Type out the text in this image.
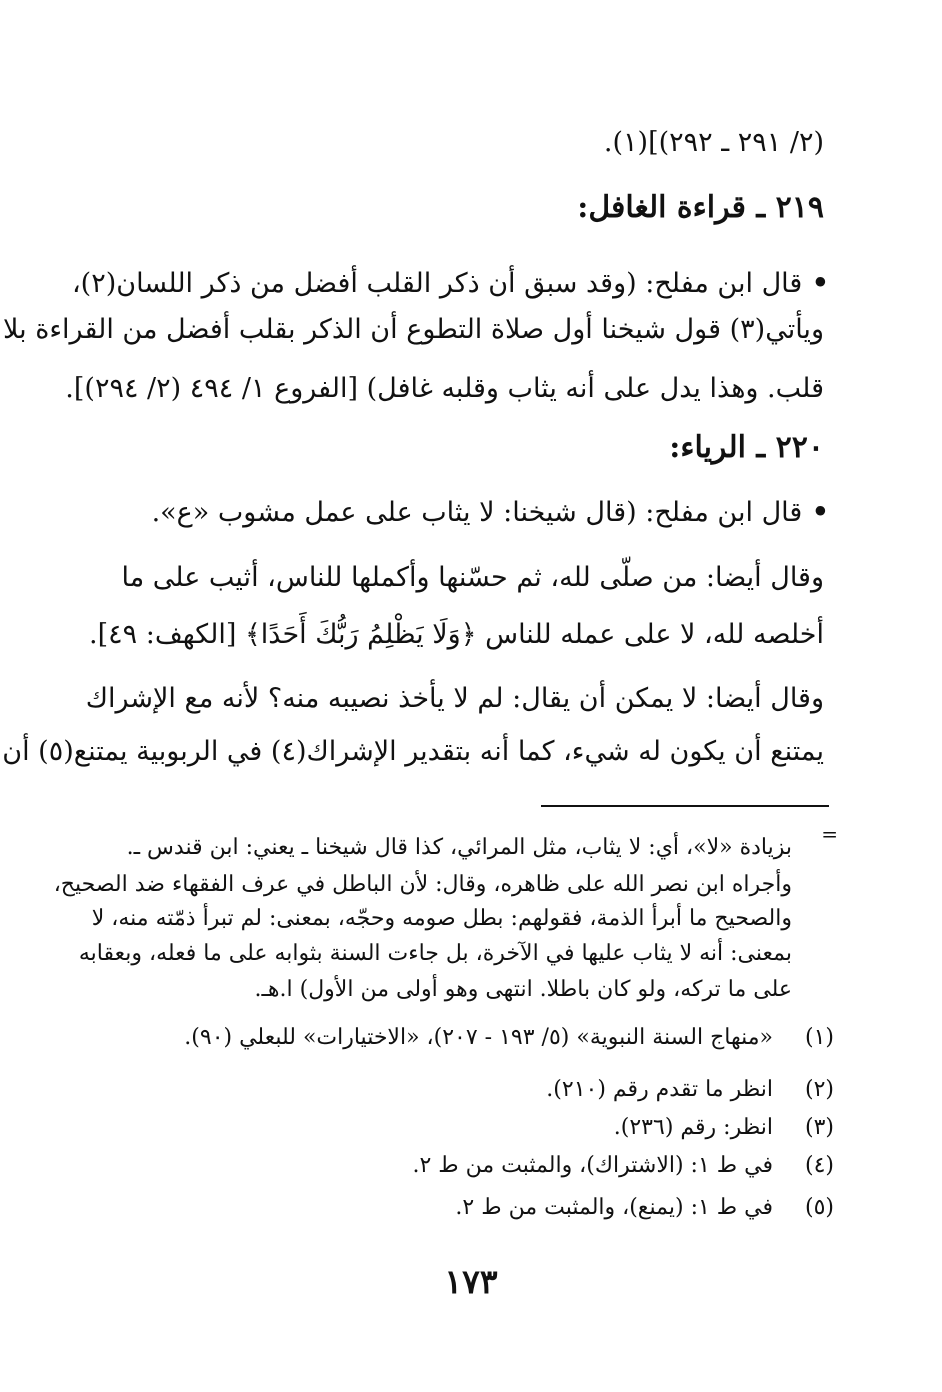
(٢/ ٢٩١ ـ ٢٩٢)](١).
٢١٩ ـ قراءة الغافل:
• قال ابن مفلح: (وقد سبق أن ذكر القلب أفضل من ذكر اللسان(٢)،
ويأتي(٣) قول شيخنا أول صلاة التطوع أن الذكر بقلب أفضل من القراءة بلا
قلب. وهذا يدل على أنه يثاب وقلبه غافل) [الفروع ١/ ٤٩٤ (٢/ ٢٩٤)].
٢٢٠ ـ الرياء:
• قال ابن مفلح: (قال شيخنا: لا يثاب على عمل مشوب «ع».
وقال أيضا: من صلّى لله، ثم حسّنها وأكملها للناس، أثيب على ما
أخلصه لله، لا على عمله للناس ﴿وَلَا يَظْلِمُ رَبُّكَ أَحَدًا﴾ [الكهف: ٤٩].
وقال أيضا: لا يمكن أن يقال: لم لا يأخذ نصيبه منه؟ لأنه مع الإشراك
يمتنع أن يكون له شيء، كما أنه بتقدير الإشراك(٤) في الربوبية يمتنع(٥) أن
=
بزيادة «لا»، أي: لا يثاب، مثل المرائي، كذا قال شيخنا ـ يعني: ابن قندس ـ.
وأجراه ابن نصر الله على ظاهره، وقال: لأن الباطل في عرف الفقهاء ضد الصحيح،
والصحيح ما أبرأ الذمة، فقولهم: بطل صومه وحجّه، بمعنى: لم تبرأ ذمّته منه، لا
بمعنى: أنه لا يثاب عليها في الآخرة، بل جاءت السنة بثوابه على ما فعله، وبعقابه
على ما تركه، ولو كان باطلا. انتهى وهو أولى من الأول) ا.هـ.
(١) «منهاج السنة النبوية» (٥/ ١٩٣ - ٢٠٧)، «الاختيارات» للبعلي (٩٠).
(٢) انظر ما تقدم رقم (٢١٠).
(٣) انظر: رقم (٢٣٦).
(٤) في ط ١: (الاشتراك)، والمثبت من ط ٢.
(٥) في ط ١: (يمنع)، والمثبت من ط ٢.
١٧٣
